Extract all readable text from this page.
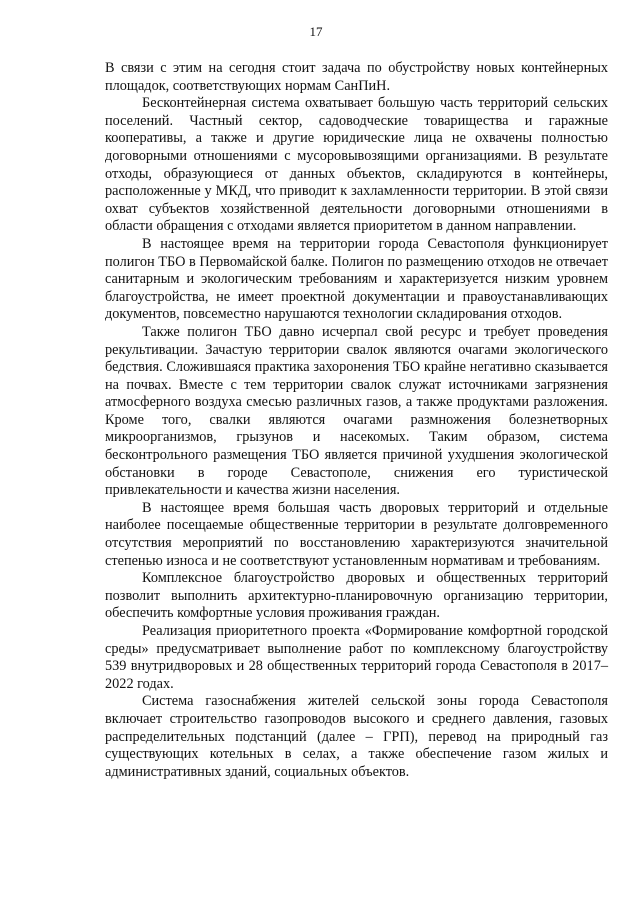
17

В связи с этим на сегодня стоит задача по обустройству новых контейнерных площадок, соответствующих нормам СанПиН.

Бесконтейнерная система охватывает большую часть территорий сельских поселений. Частный сектор, садоводческие товарищества и гаражные кооперативы, а также и другие юридические лица не охвачены полностью договорными отношениями с мусоровывозящими организациями. В результате отходы, образующиеся от данных объектов, складируются в контейнеры, расположенные у МКД, что приводит к захламленности территории. В этой связи охват субъектов хозяйственной деятельности договорными отношениями в области обращения с отходами является приоритетом в данном направлении.

В настоящее время на территории города Севастополя функционирует полигон ТБО в Первомайской балке. Полигон по размещению отходов не отвечает санитарным и экологическим требованиям и характеризуется низким уровнем благоустройства, не имеет проектной документации и правоустанавливающих документов, повсеместно нарушаются технологии складирования отходов.

Также полигон ТБО давно исчерпал свой ресурс и требует проведения рекультивации. Зачастую территории свалок являются очагами экологического бедствия. Сложившаяся практика захоронения ТБО крайне негативно сказывается на почвах. Вместе с тем территории свалок служат источниками загрязнения атмосферного воздуха смесью различных газов, а также продуктами разложения. Кроме того, свалки являются очагами размножения болезнетворных микроорганизмов, грызунов и насекомых. Таким образом, система бесконтрольного размещения ТБО является причиной ухудшения экологической обстановки в городе Севастополе, снижения его туристической привлекательности и качества жизни населения.

В настоящее время большая часть дворовых территорий и отдельные наиболее посещаемые общественные территории в результате долговременного отсутствия мероприятий по восстановлению характеризуются значительной степенью износа и не соответствуют установленным нормативам и требованиям.

Комплексное благоустройство дворовых и общественных территорий позволит выполнить архитектурно-планировочную организацию территории, обеспечить комфортные условия проживания граждан.

Реализация приоритетного проекта «Формирование комфортной городской среды» предусматривает выполнение работ по комплексному благоустройству 539 внутридворовых и 28 общественных территорий города Севастополя в 2017–2022 годах.

Система газоснабжения жителей сельской зоны города Севастополя включает строительство газопроводов высокого и среднего давления, газовых распределительных подстанций (далее – ГРП), перевод на природный газ существующих котельных в селах, а также обеспечение газом жилых и административных зданий, социальных объектов.
